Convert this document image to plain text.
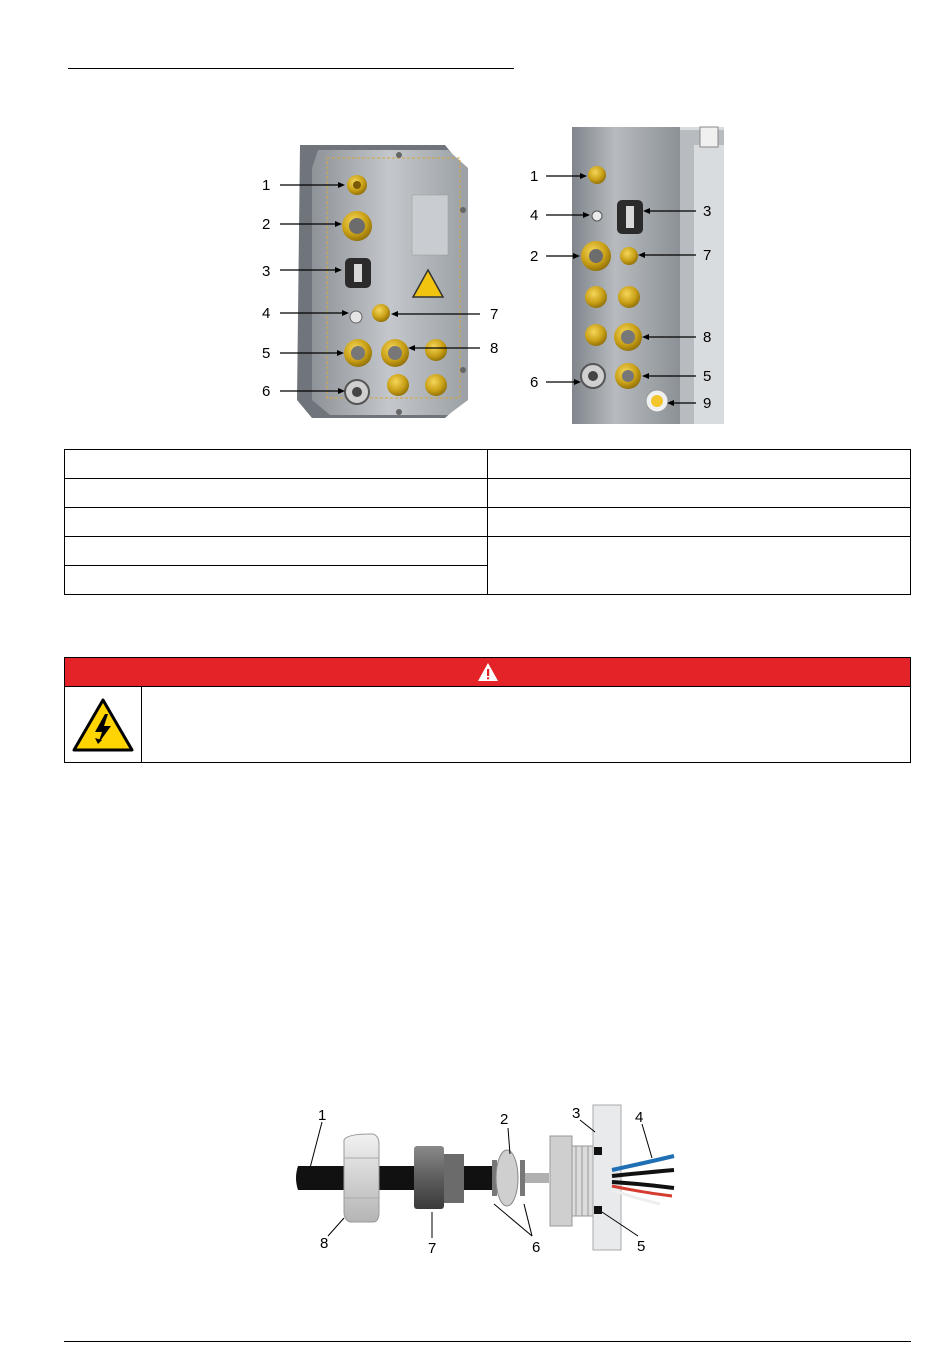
1
2
3
4
5
6
7
8
1
4
2
6
3
7
8
5
9

1	2	3	4
8	7	6	5
